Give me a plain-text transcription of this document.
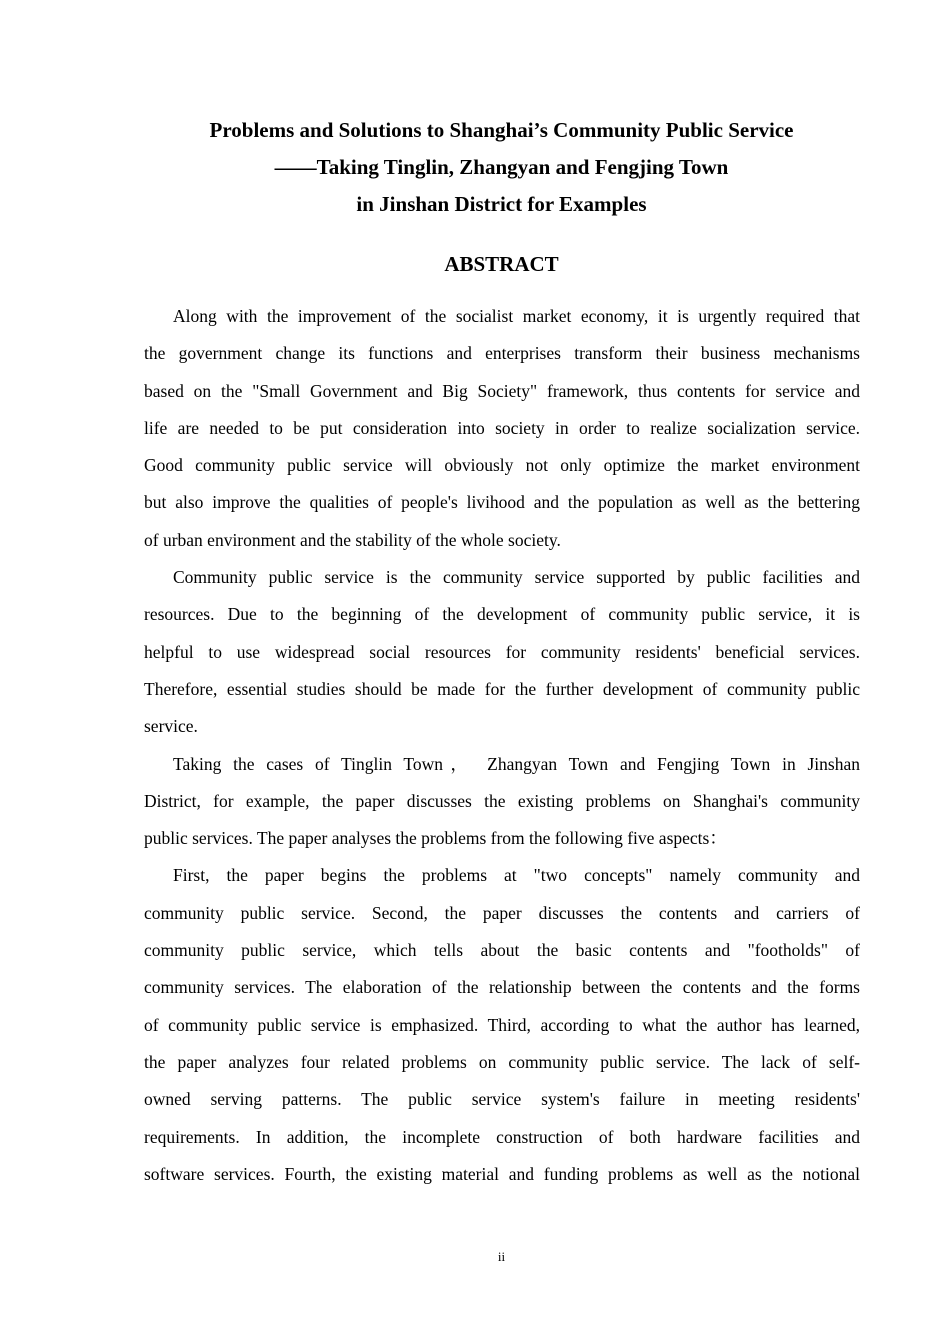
Problems and Solutions to Shanghai’s Community Public Service
——Taking Tinglin, Zhangyan and Fengjing Town
in Jinshan District for Examples
ABSTRACT
Along with the improvement of the socialist market economy, it is urgently required that
the government change its functions and enterprises transform their business mechanisms
based on the "Small Government and Big Society" framework, thus contents for service and
life are needed to be put consideration into society in order to realize socialization service.
Good community public service will obviously not only optimize the market environment
but also improve the qualities of people's livihood and the population as well as the bettering
of urban environment and the stability of the whole society.
Community public service is the community service supported by public facilities and
resources. Due to the beginning of the development of community public service, it is
helpful to use widespread social resources for community residents' beneficial services.
Therefore, essential studies should be made for the further development of community public
service.
Taking the cases of Tinglin Town， Zhangyan Town and Fengjing Town in Jinshan
District, for example, the paper discusses the existing problems on Shanghai's community
public services. The paper analyses the problems from the following five aspects：
First, the paper begins the problems at "two concepts" namely community and
community public service. Second, the paper discusses the contents and carriers of
community public service, which tells about the basic contents and "footholds" of
community services. The elaboration of the relationship between the contents and the forms
of community public service is emphasized. Third, according to what the author has learned,
the paper analyzes four related problems on community public service. The lack of self-
owned serving patterns. The public service system's failure in meeting residents'
requirements. In addition, the incomplete construction of both hardware facilities and
software services. Fourth, the existing material and funding problems as well as the notional
ii
